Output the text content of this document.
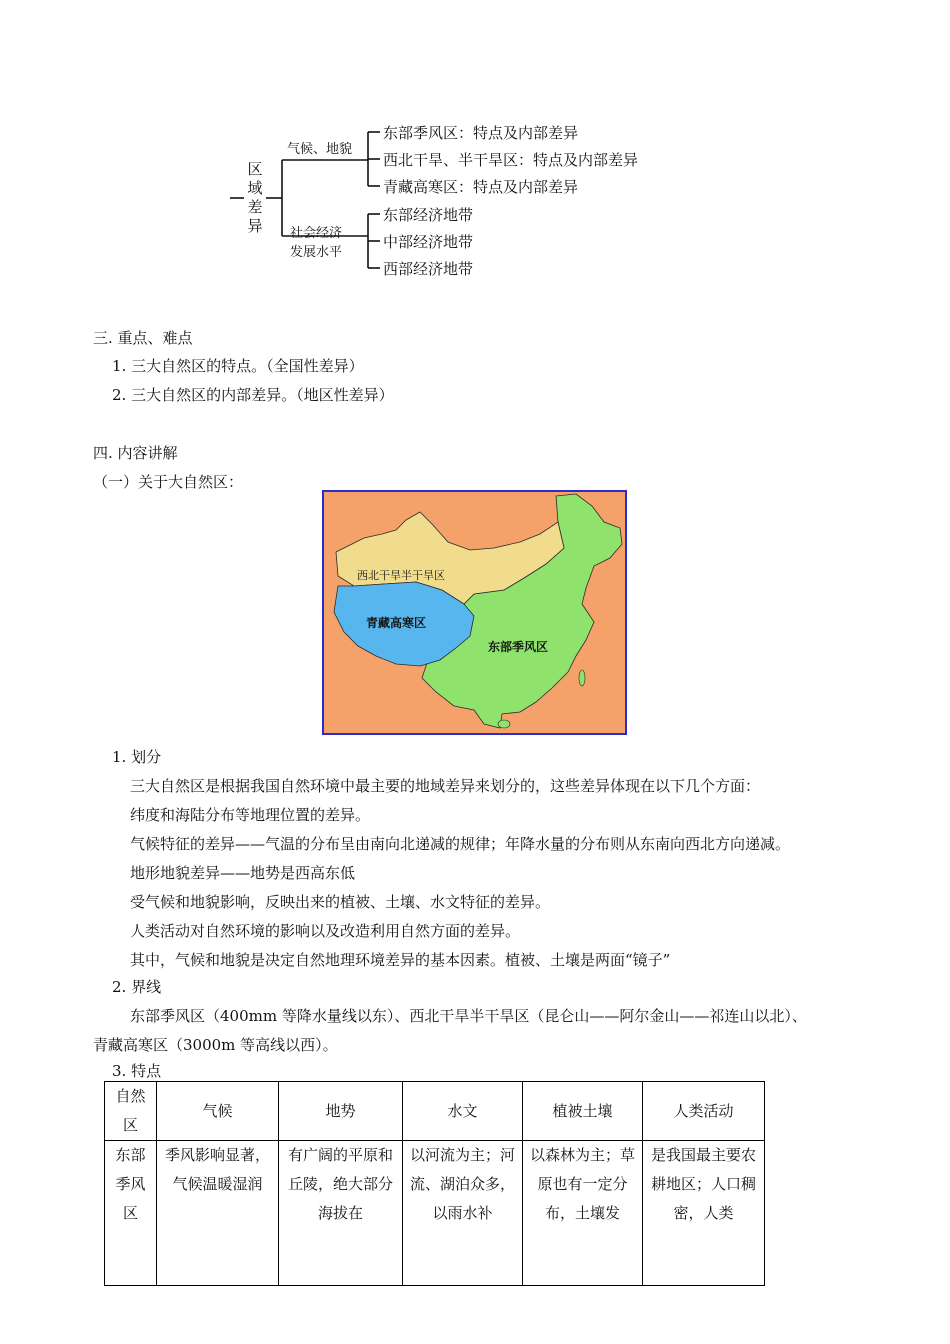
区域差异
气候、地貌
东部季风区：特点及内部差异
西北干旱、半干旱区：特点及内部差异
青藏高寒区：特点及内部差异
社会经济
发展水平
东部经济地带
中部经济地带
西部经济地带
三. 重点、难点
1. 三大自然区的特点。（全国性差异）
2. 三大自然区的内部差异。（地区性差异）
四. 内容讲解
（一）关于大自然区：
西北干旱半干旱区
青藏高寒区
东部季风区
1. 划分
三大自然区是根据我国自然环境中最主要的地域差异来划分的，这些差异体现在以下几个方面：
纬度和海陆分布等地理位置的差异。
气候特征的差异——气温的分布呈由南向北递减的规律；年降水量的分布则从东南向西北方向递减。
地形地貌差异——地势是西高东低
受气候和地貌影响，反映出来的植被、土壤、水文特征的差异。
人类活动对自然环境的影响以及改造利用自然方面的差异。
其中，气候和地貌是决定自然地理环境差异的基本因素。植被、土壤是两面“镜子”
2. 界线
东部季风区（400mm 等降水量线以东）、西北干旱半干旱区（昆仑山——阿尔金山——祁连山以北）、
青藏高寒区（3000m 等高线以西）。
3. 特点
自然区	气候	地势	水文	植被土壤	人类活动
东部季风区	季风影响显著，气候温暖湿润	有广阔的平原和丘陵，绝大部分海拔在	以河流为主；河流、湖泊众多，以雨水补	以森林为主；草原也有一定分布，土壤发	是我国最主要农耕地区；人口稠密，人类
